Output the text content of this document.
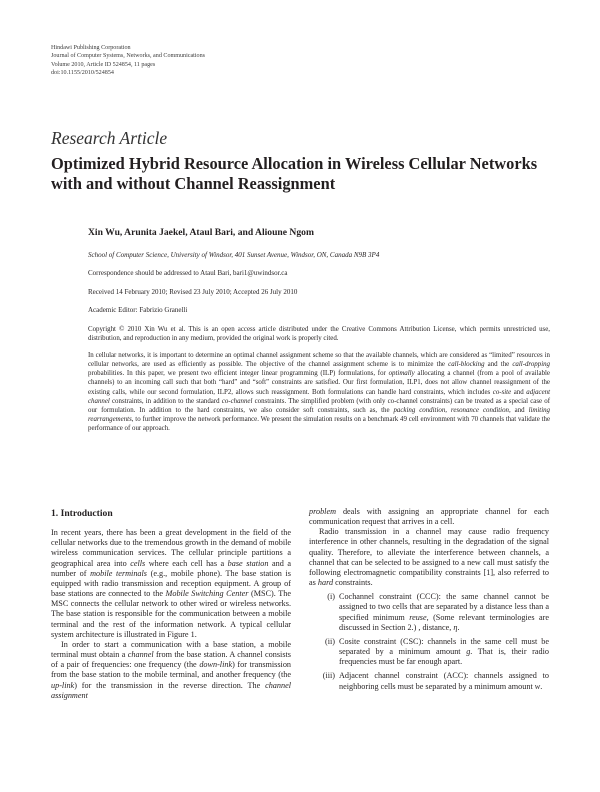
Hindawi Publishing Corporation
Journal of Computer Systems, Networks, and Communications
Volume 2010, Article ID 524854, 11 pages
doi:10.1155/2010/524854
Research Article
Optimized Hybrid Resource Allocation in Wireless Cellular Networks with and without Channel Reassignment
Xin Wu, Arunita Jaekel, Ataul Bari, and Alioune Ngom
School of Computer Science, University of Windsor, 401 Sunset Avenue, Windsor, ON, Canada N9B 3P4
Correspondence should be addressed to Ataul Bari, bari1@uwindsor.ca
Received 14 February 2010; Revised 23 July 2010; Accepted 26 July 2010
Academic Editor: Fabrizio Granelli
Copyright © 2010 Xin Wu et al. This is an open access article distributed under the Creative Commons Attribution License, which permits unrestricted use, distribution, and reproduction in any medium, provided the original work is properly cited.
In cellular networks, it is important to determine an optimal channel assignment scheme so that the available channels, which are considered as “limited” resources in cellular networks, are used as efficiently as possible. The objective of the channel assignment scheme is to minimize the call-blocking and the call-dropping probabilities. In this paper, we present two efficient integer linear programming (ILP) formulations, for optimally allocating a channel (from a pool of available channels) to an incoming call such that both “hard” and “soft” constraints are satisfied. Our first formulation, ILP1, does not allow channel reassignment of the existing calls, while our second formulation, ILP2, allows such reassignment. Both formulations can handle hard constraints, which includes co-site and adjacent channel constraints, in addition to the standard co-channel constraints. The simplified problem (with only co-channel constraints) can be treated as a special case of our formulation. In addition to the hard constraints, we also consider soft constraints, such as, the packing condition, resonance condition, and limiting rearrangements, to further improve the network performance. We present the simulation results on a benchmark 49 cell environment with 70 channels that validate the performance of our approach.
1. Introduction

In recent years, there has been a great development in the field of the cellular networks due to the tremendous growth in the demand of mobile wireless communication services. The cellular principle partitions a geographical area into cells where each cell has a base station and a number of mobile terminals (e.g., mobile phone). The base station is equipped with radio transmission and reception equipment. A group of base stations are connected to the Mobile Switching Center (MSC). The MSC connects the cellular network to other wired or wireless networks. The base station is responsible for the communication between a mobile terminal and the rest of the information network. A typical cellular system architecture is illustrated in Figure 1.

In order to start a communication with a base station, a mobile terminal must obtain a channel from the base station. A channel consists of a pair of frequencies: one frequency (the down-link) for transmission from the base station to the mobile terminal, and another frequency (the up-link) for the transmission in the reverse direction. The channel assignment

problem deals with assigning an appropriate channel for each communication request that arrives in a cell.

Radio transmission in a channel may cause radio frequency interference in other channels, resulting in the degradation of the signal quality. Therefore, to alleviate the interference between channels, a channel that can be selected to be assigned to a new call must satisfy the following electromagnetic compatibility constraints [1], also referred to as hard constraints.

(i) Cochannel constraint (CCC): the same channel cannot be assigned to two cells that are separated by a distance less than a specified minimum reuse, (Some relevant terminologies are discussed in Section 2.) , distance, η.
(ii) Cosite constraint (CSC): channels in the same cell must be separated by a minimum amount g. That is, their radio frequencies must be far enough apart.
(iii) Adjacent channel constraint (ACC): channels assigned to neighboring cells must be separated by a minimum amount w.
